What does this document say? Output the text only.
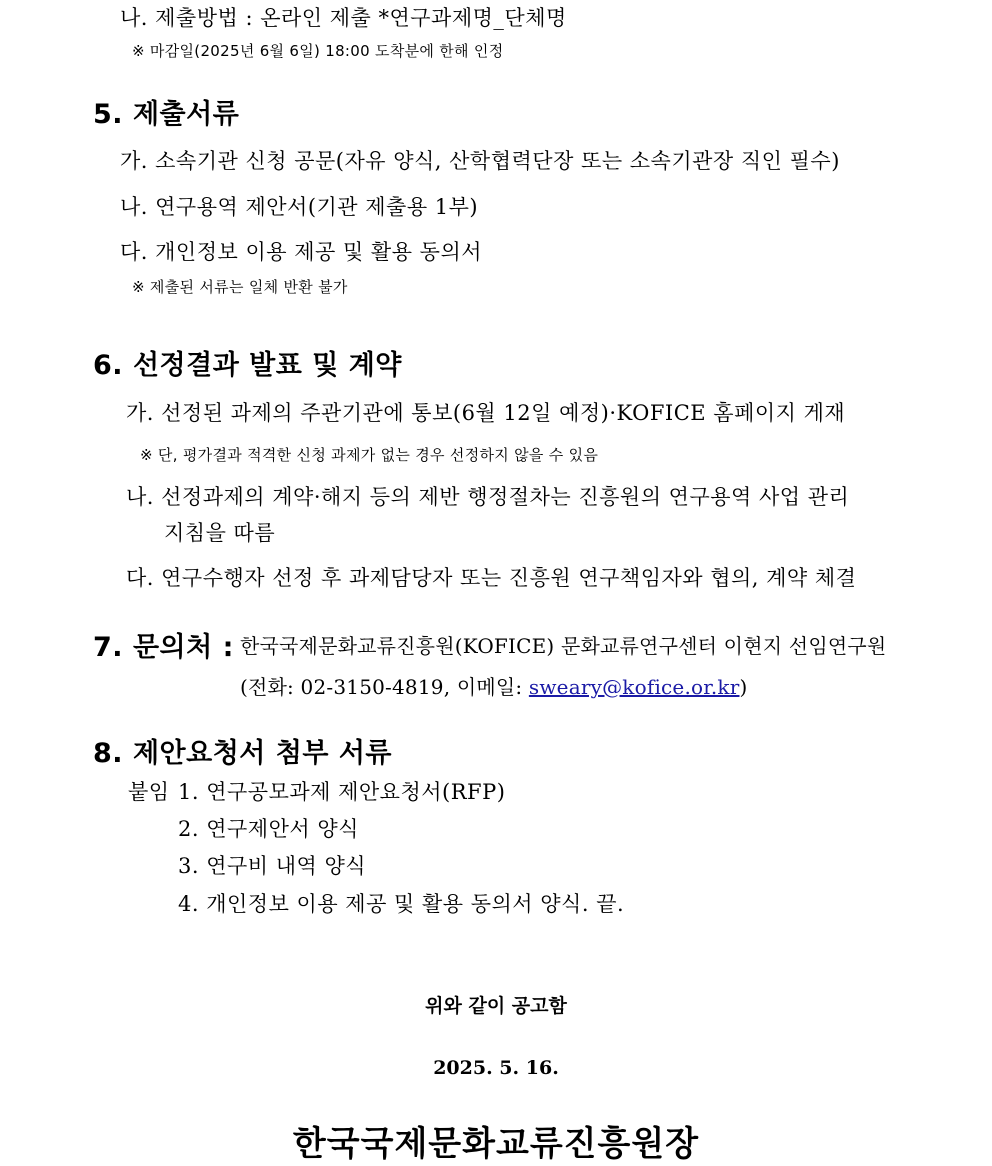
나. 제출방법 : 온라인 제출 *연구과제명_단체명
※ 마감일(2025년 6월 6일) 18:00 도착분에 한해 인정
5. 제출서류
가. 소속기관 신청 공문(자유 양식, 산학협력단장 또는 소속기관장 직인 필수)
나. 연구용역 제안서(기관 제출용 1부)
다. 개인정보 이용 제공 및 활용 동의서
※ 제출된 서류는 일체 반환 불가
6. 선정결과 발표 및 계약
가. 선정된 과제의 주관기관에 통보(6월 12일 예정)·KOFICE 홈페이지 게재
※ 단, 평가결과 적격한 신청 과제가 없는 경우 선정하지 않을 수 있음
나. 선정과제의 계약·해지 등의 제반 행정절차는 진흥원의 연구용역 사업 관리
지침을 따름
다. 연구수행자 선정 후 과제담당자 또는 진흥원 연구책임자와 협의, 계약 체결
7. 문의처 : 한국국제문화교류진흥원(KOFICE) 문화교류연구센터 이현지 선임연구원
(전화: 02-3150-4819, 이메일: sweary@kofice.or.kr)
8. 제안요청서 첨부 서류
붙임 1. 연구공모과제 제안요청서(RFP)
2. 연구제안서 양식
3. 연구비 내역 양식
4. 개인정보 이용 제공 및 활용 동의서 양식. 끝.
위와 같이 공고함
2025. 5. 16.
한국국제문화교류진흥원장
